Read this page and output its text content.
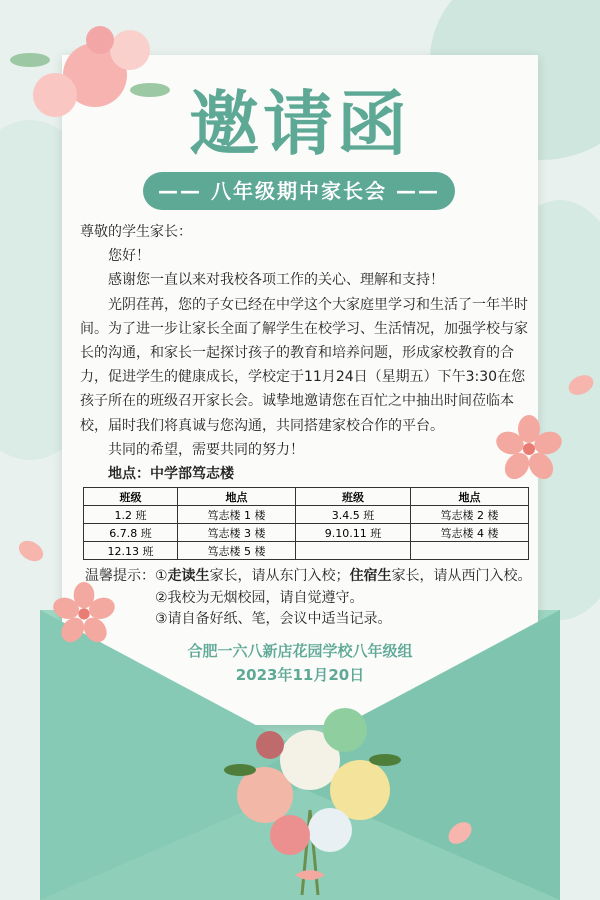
邀请函
—— 八年级期中家长会 ——

尊敬的学生家长：

您好！

感谢您一直以来对我校各项工作的关心、理解和支持！

光阴荏苒，您的子女已经在中学这个大家庭里学习和生活了一年半时间。为了进一步让家长全面了解学生在校学习、生活情况，加强学校与家长的沟通，和家长一起探讨孩子的教育和培养问题，形成家校教育的合力，促进学生的健康成长，学校定于11月24日（星期五）下午3:30在您孩子所在的班级召开家长会。诚挚地邀请您在百忙之中抽出时间莅临本校，届时我们将真诚与您沟通，共同搭建家校合作的平台。

共同的希望，需要共同的努力！

地点：中学部笃志楼

班级	地点	班级	地点
1.2 班	笃志楼 1 楼	3.4.5 班	笃志楼 2 楼
6.7.8 班	笃志楼 3 楼	9.10.11 班	笃志楼 4 楼
12.13 班	笃志楼 5 楼		
温馨提示：①走读生家长，请从东门入校；住宿生家长，请从西门入校。
②我校为无烟校园，请自觉遵守。
③请自备好纸、笔，会议中适当记录。
合肥一六八新店花园学校八年级组
2023年11月20日
